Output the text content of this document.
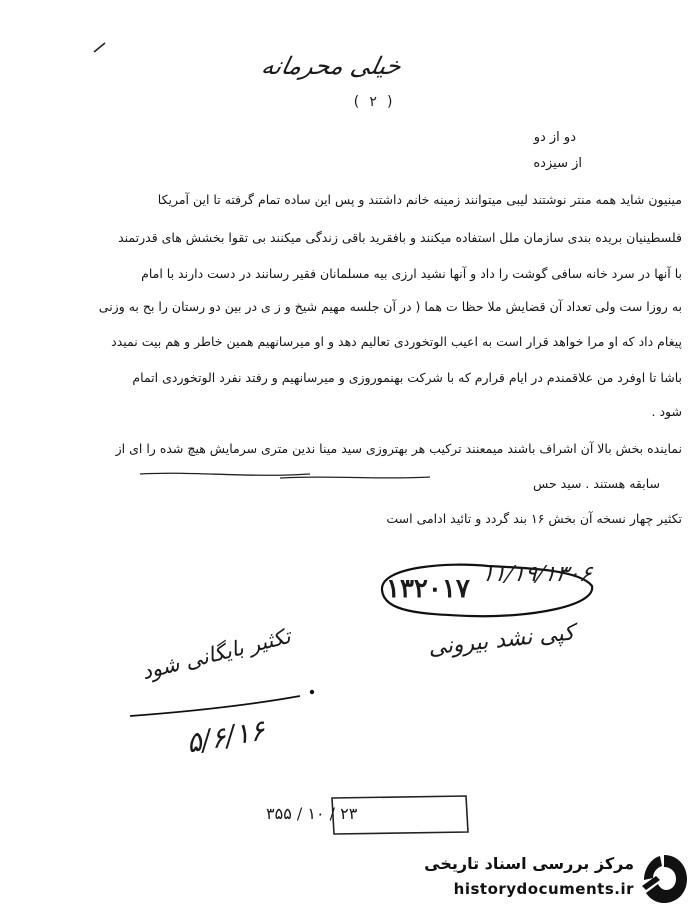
خیلی محرمانه
( ۲ )
دو از دو
از سیزده
مینیون شاید همه منتر نوشتند لیبی میتوانند زمینه خانم داشتند و پس این ساده تمام گرفته تا این آمریکا
فلسطینیان بریده بندی سازمان ملل استفاده میکنند و بافقرید باقی زندگی میکنند بی تقوا بخشش های قدرتمند
با آنها در سرد خانه سافی گوشت را داد و آنها نشید ارزی بیه مسلمانان فقیر رسانند در دست دارند با امام
به روزا ست ولی تعداد آن قضایش ملا حظا ت هما ( در آن جلسه مهیم شیخ و ز ی در بین دو رستان را بح به وزنی
پیغام داد که او مرا خواهد قرار است به اعیب الوتخوردی تعالیم دهد و او میرسانهیم همین خاطر و هم بیت نمیدد
باشا تا اوفرد من علاقمندم در ایام قرارم که با شرکت بهنموروزی و میرسانهیم و رفتد نفرد الوتخوردی اتمام
شود .
نماینده بخش بالا آن اشراف باشند میمعنند ترکیب هر بهتروزی سید مینا ندین متری سرمایش هیچ شده را ای از
سابقه هستند . سید حس
تکثیر چهار نسخه آن بخش ۱۶ بند گردد و تائید ادامی است
۱۳۲۰۱۷ ۱۱/۱۹/۱۳۰۶
کپی نشد بیرونی
تکثیر بایگانی شود
۵/۶/۱۶
۳۵۵ / ۱۰ / ۲۳
مرکز بررسی اسناد تاریخی
historydocuments.ir
